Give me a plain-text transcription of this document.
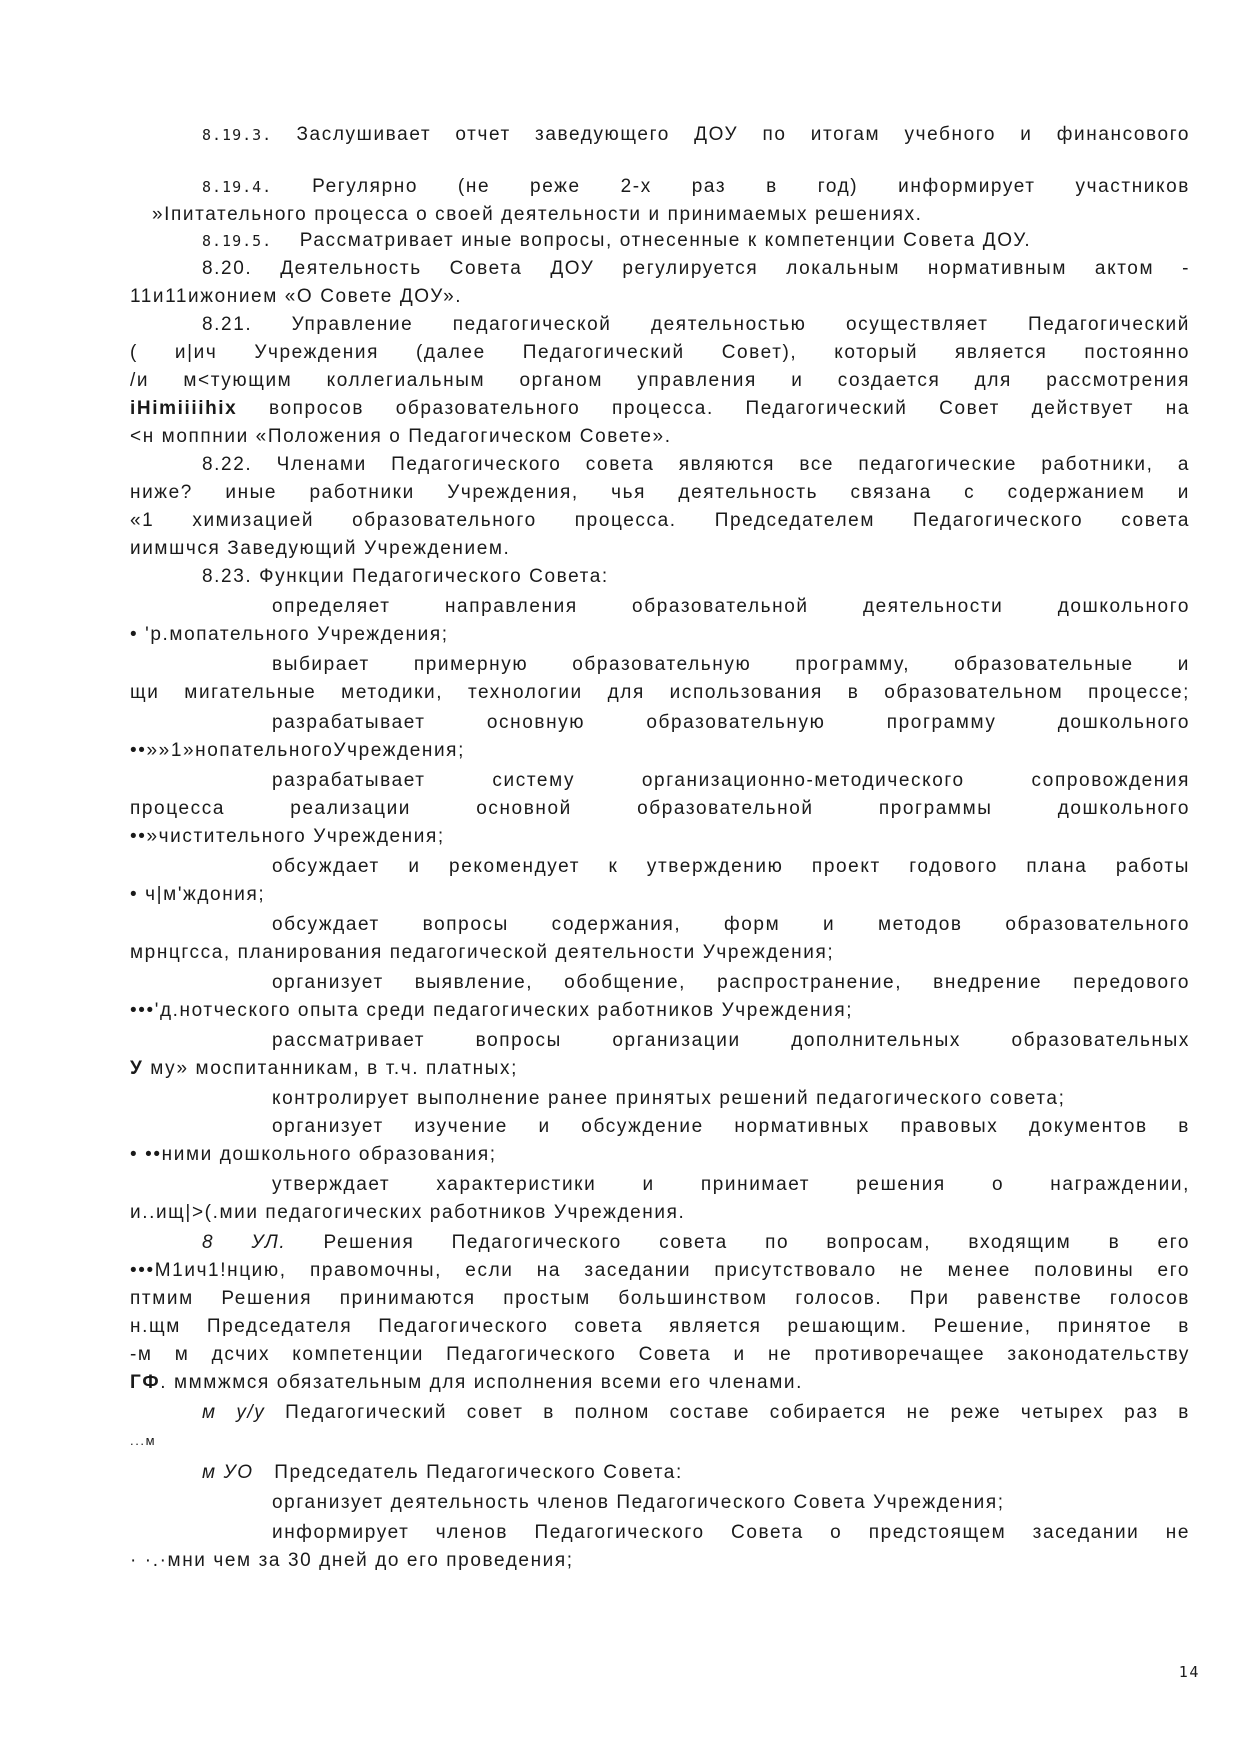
8.19.3. Заслушивает отчет заведующего ДОУ по итогам учебного и финансового
8.19.4. Регулярно (не реже 2-х раз в год) информирует участников
»Iпитательного процесса о своей деятельности и принимаемых решениях.
8.19.5. Рассматривает иные вопросы, отнесенные к компетенции Совета ДОУ.
8.20. Деятельность Совета ДОУ регулируется локальным нормативным актом -
11и11ижонием «О Совете ДОУ».
8.21. Управление педагогической деятельностью осуществляет Педагогический
( и|ич Учреждения (далее Педагогический Совет), который является постоянно
/и м<тующим коллегиальным органом управления и создается для рассмотрения
iHimiiiihix вопросов образовательного процесса. Педагогический Совет действует на
<н моппнии «Положения о Педагогическом Совете».
8.22. Членами Педагогического совета являются все педагогические работники, а
ниже? иные работники Учреждения, чья деятельность связана с содержанием и
«1 химизацией образовательного процесса. Председателем Педагогического совета
иимшчся Заведующий Учреждением.
8.23. Функции Педагогического Совета:
определяет направления образовательной деятельности дошкольного
• 'р.мопательного Учреждения;
выбирает примерную образовательную программу, образовательные и
щи мигательные методики, технологии для использования в образовательном процессе;
разрабатывает основную образовательную программу дошкольного
••»»1»нопательногоУчреждения;
разрабатывает систему организационно-методического сопровождения
процесса реализации основной образовательной программы дошкольного
••»чистительного Учреждения;
обсуждает и рекомендует к утверждению проект годового плана работы
• ч|м'ждония;
обсуждает вопросы содержания, форм и методов образовательного
мрнцгсса, планирования педагогической деятельности Учреждения;
организует выявление, обобщение, распространение, внедрение передового
•••'д.нотческого опыта среди педагогических работников Учреждения;
рассматривает вопросы организации дополнительных образовательных
У му» моспитанникам, в т.ч. платных;
контролирует выполнение ранее принятых решений педагогического совета;
организует изучение и обсуждение нормативных правовых документов в
• ••ними дошкольного образования;
утверждает характеристики и принимает решения о награждении,
и..ищ|>(.мии педагогических работников Учреждения.
8 УЛ. Решения Педагогического совета по вопросам, входящим в его
•••М1ич1!нцию, правомочны, если на заседании присутствовало не менее половины его
птмим Решения принимаются простым большинством голосов. При равенстве голосов
н.щм Председателя Педагогического совета является решающим. Решение, принятое в
-м м дсчих компетенции Педагогического Совета и не противоречащее законодательству
ГФ. мммжмся обязательным для исполнения всеми его членами.
м у/у Педагогический совет в полном составе собирается не реже четырех раз в
...м
м УО Председатель Педагогического Совета:
организует деятельность членов Педагогического Совета Учреждения;
информирует членов Педагогического Совета о предстоящем заседании не
· ·.·мни чем за 30 дней до его проведения;
14
